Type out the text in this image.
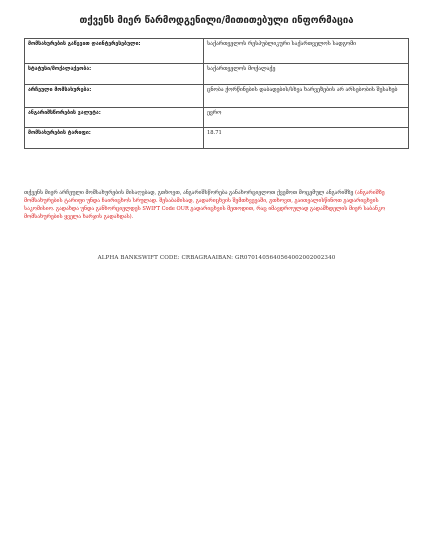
თქვენს მიერ წარმოდგენილი/მითითებული ინფორმაცია
მომსახურების გაწევით დაინტერესებული:	საქართველოს რესპუბლიკური საქართველოს სადგომი
სტატუსი/მოქალაქეობა:	საქართველოს მოქალაქე
არჩეული მომსახურება:	ცნობა ქორწინების დაბადების/სხვა ხარვეზების არ არსებობის შესახებ
ანგარიშსწორების ვალუტა:	ევრო
მომსახურების ტარიფი:	18.71
თქვენს მიერ არჩეული მომსახურების მისაღებად, გთხოვთ, ანგარიშსწორება განახორციელოთ ქვემოთ მოცემულ ანგარიშზე (ანგარიშზე მომსახურების ტარიფი უნდა ჩაირიცხოს სრულად. შესაბამისად, გადარიცხვის შემთხვევაში, გთხოვთ, გაითვალისწინოთ გადარიცხვის საკომისიო. გადახდა უნდა განხორციელდეს SWIFT Code OUR გადარიცხვის მეთოდით, რაც იმავდროულად გადამხდელის მიერ საბანკო მომსახურების ყველა ხარჯის გადახდას).
ALPHA BANKSWIFT CODE: CRBAGRAAIBAN: GR0701405640564002002002340
